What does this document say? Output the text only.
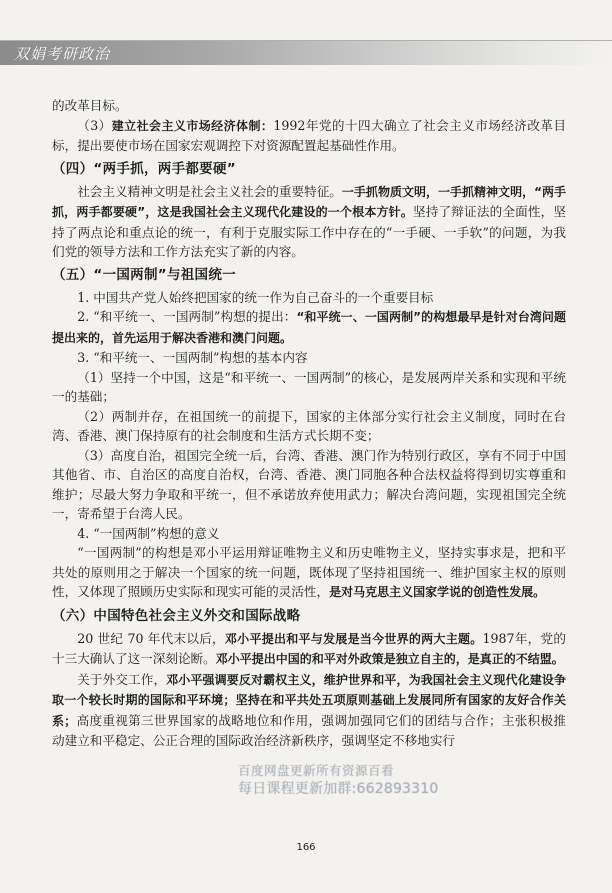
双娟考研政治

的改革目标。

（3）建立社会主义市场经济体制：1992年党的十四大确立了社会主义市场经济改革目标，提出要使市场在国家宏观调控下对资源配置起基础性作用。

（四）“两手抓，两手都要硬”

社会主义精神文明是社会主义社会的重要特征。一手抓物质文明，一手抓精神文明，“两手抓，两手都要硬”，这是我国社会主义现代化建设的一个根本方针。坚持了辩证法的全面性，坚持了两点论和重点论的统一，有利于克服实际工作中存在的“一手硬、一手软”的问题，为我们党的领导方法和工作方法充实了新的内容。

（五）“一国两制”与祖国统一

1. 中国共产党人始终把国家的统一作为自己奋斗的一个重要目标

2. “和平统一、一国两制”构想的提出：“和平统一、一国两制”的构想最早是针对台湾问题提出来的，首先运用于解决香港和澳门问题。

3. “和平统一、一国两制”构想的基本内容

（1）坚持一个中国，这是“和平统一、一国两制”的核心，是发展两岸关系和实现和平统一的基础；

（2）两制并存，在祖国统一的前提下，国家的主体部分实行社会主义制度，同时在台湾、香港、澳门保持原有的社会制度和生活方式长期不变；

（3）高度自治，祖国完全统一后，台湾、香港、澳门作为特别行政区，享有不同于中国其他省、市、自治区的高度自治权，台湾、香港、澳门同胞各种合法权益将得到切实尊重和维护；尽最大努力争取和平统一，但不承诺放弃使用武力；解决台湾问题，实现祖国完全统一，寄希望于台湾人民。

4. “一国两制”构想的意义

“一国两制”的构想是邓小平运用辩证唯物主义和历史唯物主义，坚持实事求是，把和平共处的原则用之于解决一个国家的统一问题，既体现了坚持祖国统一、维护国家主权的原则性，又体现了照顾历史实际和现实可能的灵活性，是对马克思主义国家学说的创造性发展。

（六）中国特色社会主义外交和国际战略

20 世纪 70 年代末以后，邓小平提出和平与发展是当今世界的两大主题。1987年，党的十三大确认了这一深刻论断。邓小平提出中国的和平对外政策是独立自主的，是真正的不结盟。

关于外交工作，邓小平强调要反对霸权主义，维护世界和平，为我国社会主义现代化建设争取一个较长时期的国际和平环境；坚持在和平共处五项原则基础上发展同所有国家的友好合作关系；高度重视第三世界国家的战略地位和作用，强调加强同它们的团结与合作；主张积极推动建立和平稳定、公正合理的国际政治经济新秩序，强调坚定不移地实行

百度网盘更新所有资源百看
每日课程更新加群:662893310
166
